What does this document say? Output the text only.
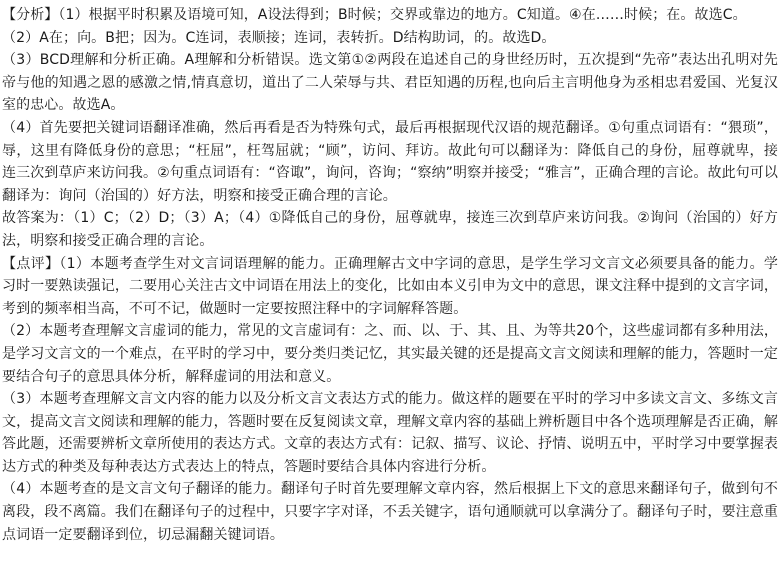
【分析】（1）根据平时积累及语境可知，A设法得到；B时候；交界或靠边的地方。C知道。④在……时候；在。故选C。

（2）A在；向。B把；因为。C连词，表顺接；连词，表转折。D结构助词，的。故选D。

（3）BCD理解和分析正确。A理解和分析错误。选文第①②两段在追述自己的身世经历时，五次提到“先帝”表达出孔明对先帝与他的知遇之恩的感激之情,情真意切，道出了二人荣辱与共、君臣知遇的历程,也向后主言明他身为丞相忠君爱国、光复汉室的忠心。故选A。

（4）首先要把关键词语翻译准确，然后再看是否为特殊句式，最后再根据现代汉语的规范翻译。①句重点词语有：“猥琐”，辱，这里有降低身份的意思；“枉屈”，枉驾屈就；“顾”，访问、拜访。故此句可以翻译为：降低自己的身份，屈尊就卑，接连三次到草庐来访问我。②句重点词语有：“咨诹”，询问，咨询；“察纳”明察并接受；“雅言”，正确合理的言论。故此句可以翻译为：询问（治国的）好方法，明察和接受正确合理的言论。

故答案为：（1）C；（2）D；（3）A；（4）①降低自己的身份，屈尊就卑，接连三次到草庐来访问我。②询问（治国的）好方法，明察和接受正确合理的言论。

【点评】（1）本题考查学生对文言词语理解的能力。正确理解古文中字词的意思，是学生学习文言文必须要具备的能力。学习时一要熟读强记，二要用心关注古文中词语在用法上的变化，比如由本义引申为文中的意思，课文注释中提到的文言字词，考到的频率相当高，不可不记，做题时一定要按照注释中的字词解释答题。

（2）本题考查理解文言虚词的能力，常见的文言虚词有：之、而、以、于、其、且、为等共20个，这些虚词都有多种用法，是学习文言文的一个难点，在平时的学习中，要分类归类记忆，其实最关键的还是提高文言文阅读和理解的能力，答题时一定要结合句子的意思具体分析，解释虚词的用法和意义。

（3）本题考查理解文言文内容的能力以及分析文言文表达方式的能力。做这样的题要在平时的学习中多读文言文、多练文言文，提高文言文阅读和理解的能力，答题时要在反复阅读文章，理解文章内容的基础上辨析题目中各个选项理解是否正确，解答此题，还需要辨析文章所使用的表达方式。文章的表达方式有：记叙、描写、议论、抒情、说明五中，平时学习中要掌握表达方式的种类及每种表达方式表达上的特点，答题时要结合具体内容进行分析。

（4）本题考查的是文言文句子翻译的能力。翻译句子时首先要理解文章内容，然后根据上下文的意思来翻译句子，做到句不离段，段不离篇。我们在翻译句子的过程中，只要字字对译，不丢关键字，语句通顺就可以拿满分了。翻译句子时，要注意重点词语一定要翻译到位，切忌漏翻关键词语。
